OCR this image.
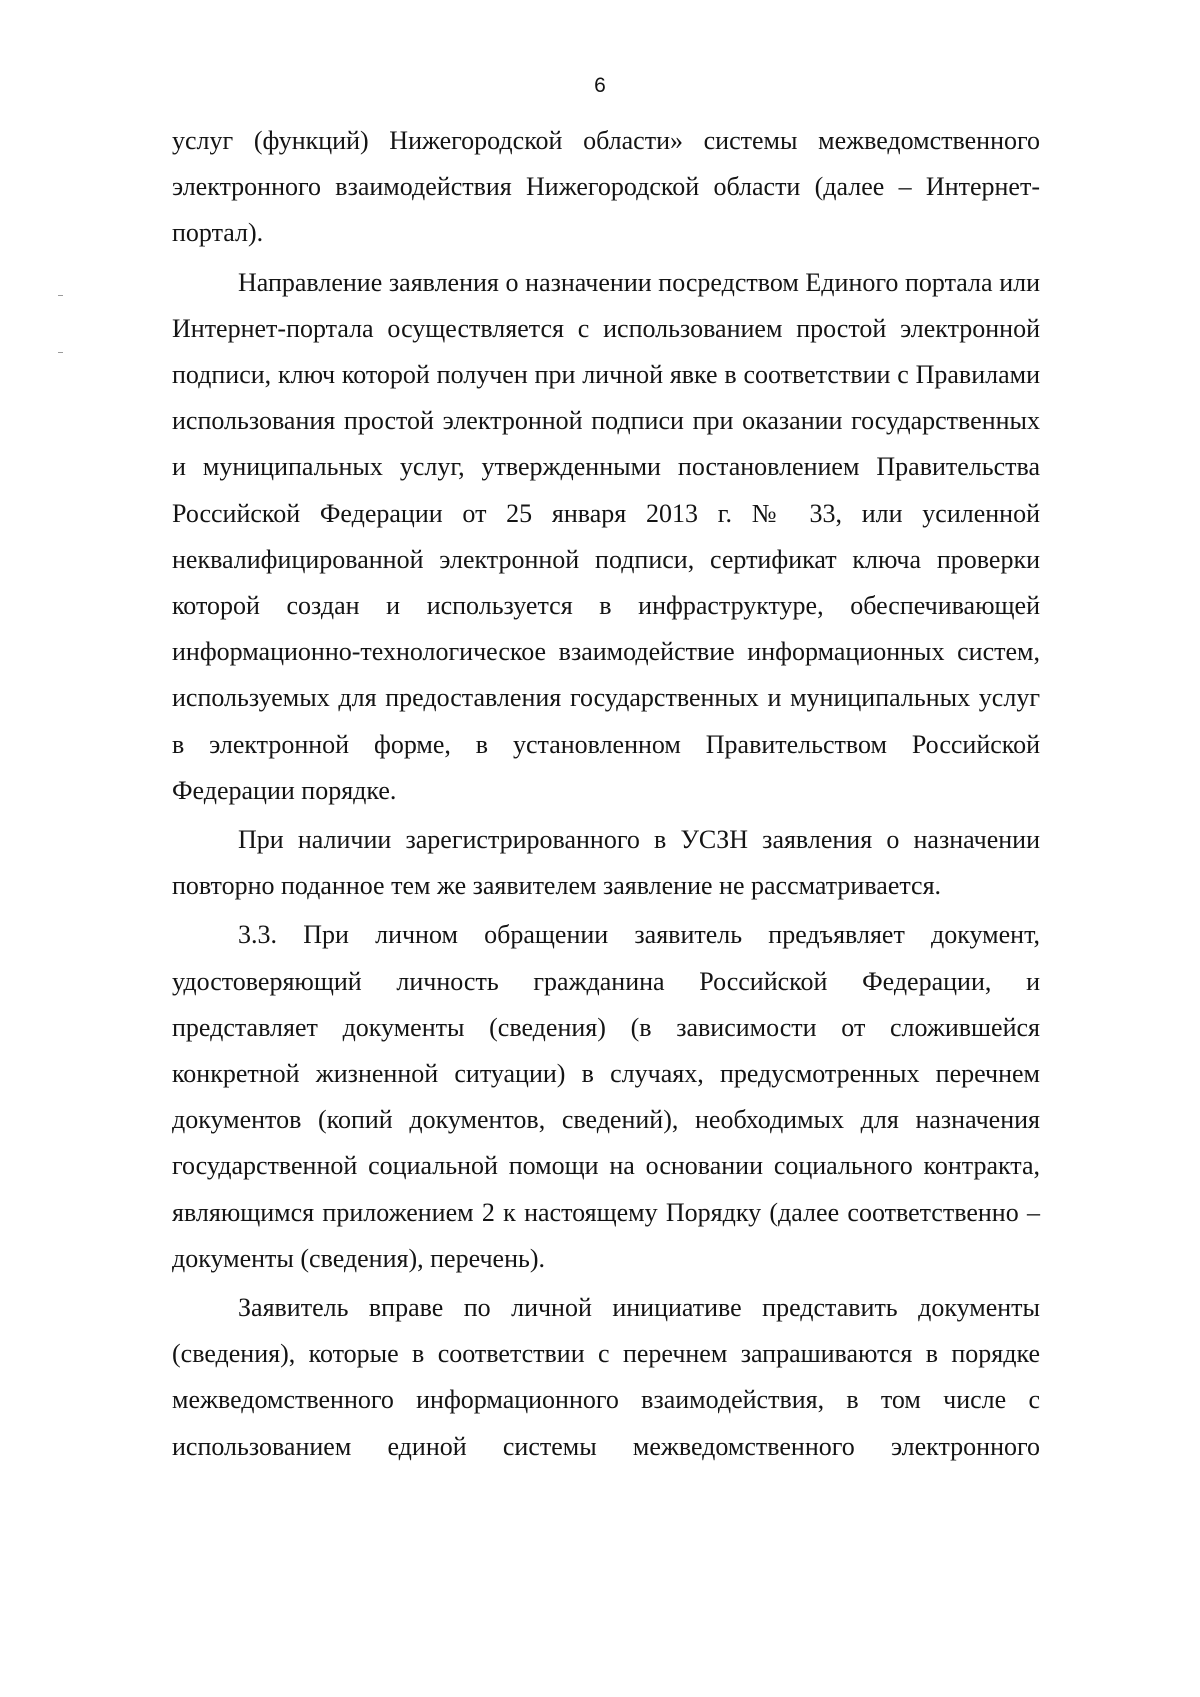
6

услуг (функций) Нижегородской области» системы межведомственного электронного взаимодействия Нижегородской области (далее – Интернет-портал).

Направление заявления о назначении посредством Единого портала или Интернет-портала осуществляется с использованием простой электронной подписи, ключ которой получен при личной явке в соответствии с Правилами использования простой электронной подписи при оказании государственных и муниципальных услуг, утвержденными постановлением Правительства Российской Федерации от 25 января 2013 г. № 33, или усиленной неквалифицированной электронной подписи, сертификат ключа проверки которой создан и используется в инфраструктуре, обеспечивающей информационно-технологическое взаимодействие информационных систем, используемых для предоставления государственных и муниципальных услуг в электронной форме, в установленном Правительством Российской Федерации порядке.

При наличии зарегистрированного в УСЗН заявления о назначении повторно поданное тем же заявителем заявление не рассматривается.

3.3. При личном обращении заявитель предъявляет документ, удостоверяющий личность гражданина Российской Федерации, и представляет документы (сведения) (в зависимости от сложившейся конкретной жизненной ситуации) в случаях, предусмотренных перечнем документов (копий документов, сведений), необходимых для назначения государственной социальной помощи на основании социального контракта, являющимся приложением 2 к настоящему Порядку (далее соответственно – документы (сведения), перечень).

Заявитель вправе по личной инициативе представить документы (сведения), которые в соответствии с перечнем запрашиваются в порядке межведомственного информационного взаимодействия, в том числе с использованием единой системы межведомственного электронного
